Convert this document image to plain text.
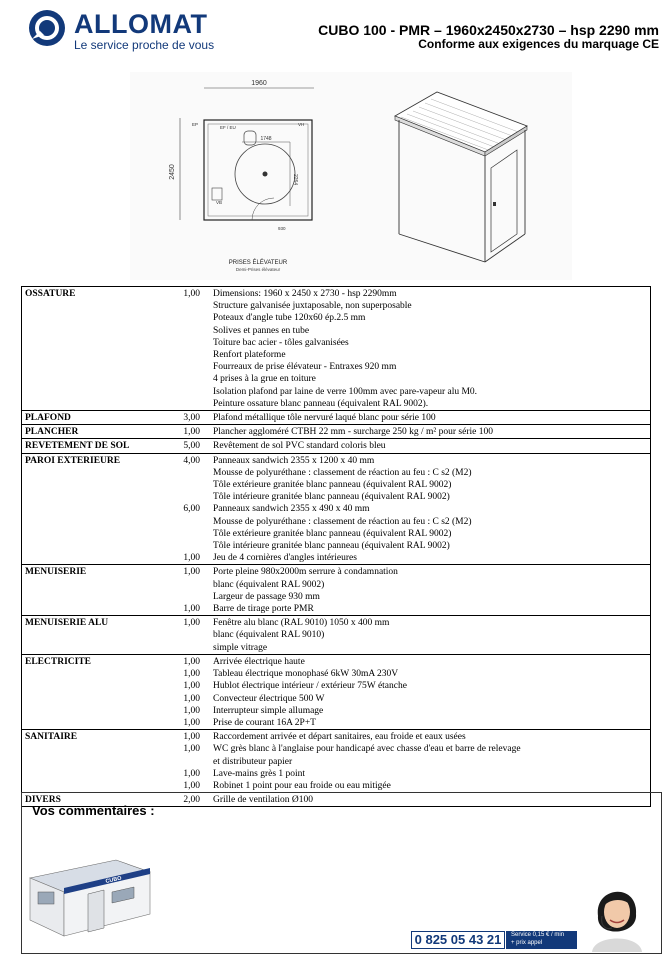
ALLOMAT
Le service proche de vous
CUBO 100 - PMR – 1960x2450x2730 – hsp 2290 mm
Conforme aux exigences du marquage CE
1960
2450
1748
2264
EF / EU
EP	VH
VB
930
PRISES ÉLÉVATEUR
Demi-Prises élévateur
OSSATURE	1,00	Dimensions: 1960 x 2450 x 2730 - hsp 2290mm
Structure galvanisée juxtaposable, non superposable
Poteaux d'angle tube 120x60 ép.2.5 mm
Solives et pannes en tube
Toiture bac acier - tôles galvanisées
Renfort plateforme
Fourreaux de prise élévateur - Entraxes 920 mm
4 prises à la grue en toiture
Isolation plafond par laine de verre 100mm avec pare-vapeur alu M0.
Peinture ossature blanc panneau (équivalent RAL 9002).
PLAFOND	3,00	Plafond métallique tôle nervuré laqué blanc pour série 100
PLANCHER	1,00	Plancher aggloméré CTBH 22 mm - surcharge 250 kg / m² pour série 100
REVETEMENT DE SOL	5,00	Revêtement de sol PVC standard coloris bleu
PAROI EXTERIEURE	4,00	Panneaux sandwich 2355 x 1200 x 40 mm
Mousse de polyuréthane : classement de réaction au feu : C s2 (M2)
Tôle extérieure granitée blanc panneau (équivalent RAL 9002)
Tôle intérieure granitée blanc panneau (équivalent RAL 9002)
6,00	Panneaux sandwich 2355 x 490 x 40 mm
Mousse de polyuréthane : classement de réaction au feu : C s2 (M2)
Tôle extérieure granitée blanc panneau (équivalent RAL 9002)
Tôle intérieure granitée blanc panneau (équivalent RAL 9002)
1,00	Jeu de 4 cornières d'angles intérieures
MENUISERIE	1,00	Porte pleine 980x2000m serrure à condamnation
blanc (équivalent RAL 9002)
Largeur de passage 930 mm
1,00	Barre de tirage porte PMR
MENUISERIE ALU	1,00	Fenêtre alu blanc (RAL 9010) 1050 x 400 mm
blanc (équivalent RAL 9010)
simple vitrage
ELECTRICITE	1,00	Arrivée électrique haute
1,00	Tableau électrique monophasé 6kW 30mA 230V
1,00	Hublot électrique intérieur / extérieur 75W étanche
1,00	Convecteur électrique 500 W
1,00	Interrupteur simple allumage
1,00	Prise de courant 16A 2P+T
SANITAIRE	1,00	Raccordement arrivée et départ sanitaires, eau froide et eaux usées
1,00	WC grès blanc à l'anglaise pour handicapé avec chasse d'eau et barre de relevage
et distributeur papier
1,00	Lave-mains grès 1 point
1,00	Robinet 1 point pour eau froide ou eau mitigée
DIVERS	2,00	Grille de ventilation Ø100
Vos commentaires :
CUBO
0 825 05 43 21	Service 0,15 € / min
+ prix appel
